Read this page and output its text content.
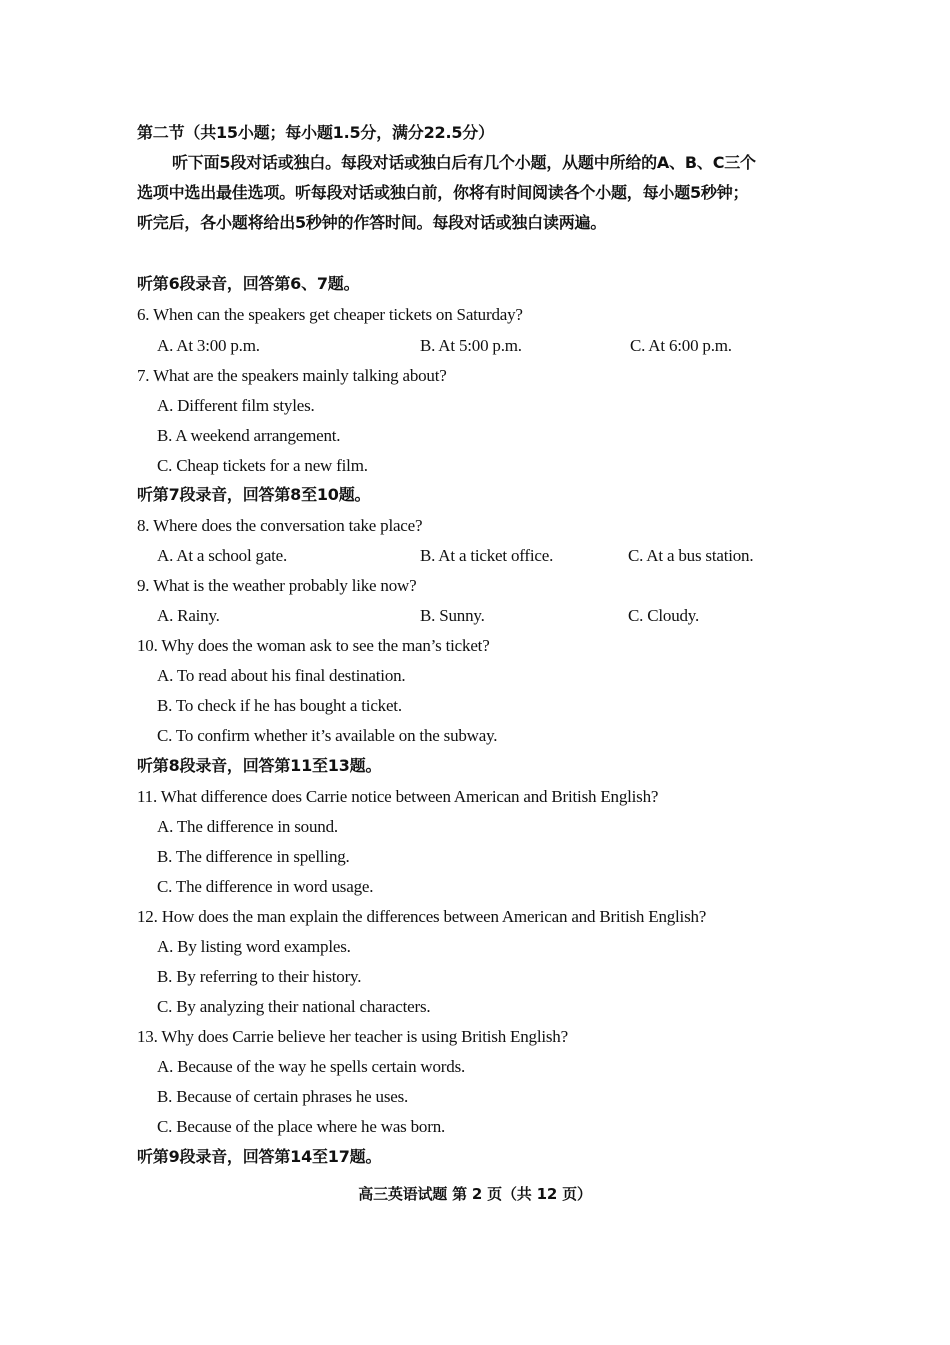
第二节（共15小题；每小题1.5分，满分22.5分）
听下面5段对话或独白。每段对话或独白后有几个小题，从题中所给的A、B、C三个
选项中选出最佳选项。听每段对话或独白前，你将有时间阅读各个小题，每小题5秒钟；
听完后，各小题将给出5秒钟的作答时间。每段对话或独白读两遍。
听第6段录音，回答第6、7题。
6. When can the speakers get cheaper tickets on Saturday?
A. At 3:00 p.m.	B. At 5:00 p.m.	C. At 6:00 p.m.
7. What are the speakers mainly talking about?
A. Different film styles.
B. A weekend arrangement.
C. Cheap tickets for a new film.
听第7段录音，回答第8至10题。
8. Where does the conversation take place?
A. At a school gate.	B. At a ticket office.	C. At a bus station.
9. What is the weather probably like now?
A. Rainy.	B. Sunny.	C. Cloudy.
10. Why does the woman ask to see the man’s ticket?
A. To read about his final destination.
B. To check if he has bought a ticket.
C. To confirm whether it’s available on the subway.
听第8段录音，回答第11至13题。
11. What difference does Carrie notice between American and British English?
A. The difference in sound.
B. The difference in spelling.
C. The difference in word usage.
12. How does the man explain the differences between American and British English?
A. By listing word examples.
B. By referring to their history.
C. By analyzing their national characters.
13. Why does Carrie believe her teacher is using British English?
A. Because of the way he spells certain words.
B. Because of certain phrases he uses.
C. Because of the place where he was born.
听第9段录音，回答第14至17题。
高三英语试题 第 2 页（共 12 页）
